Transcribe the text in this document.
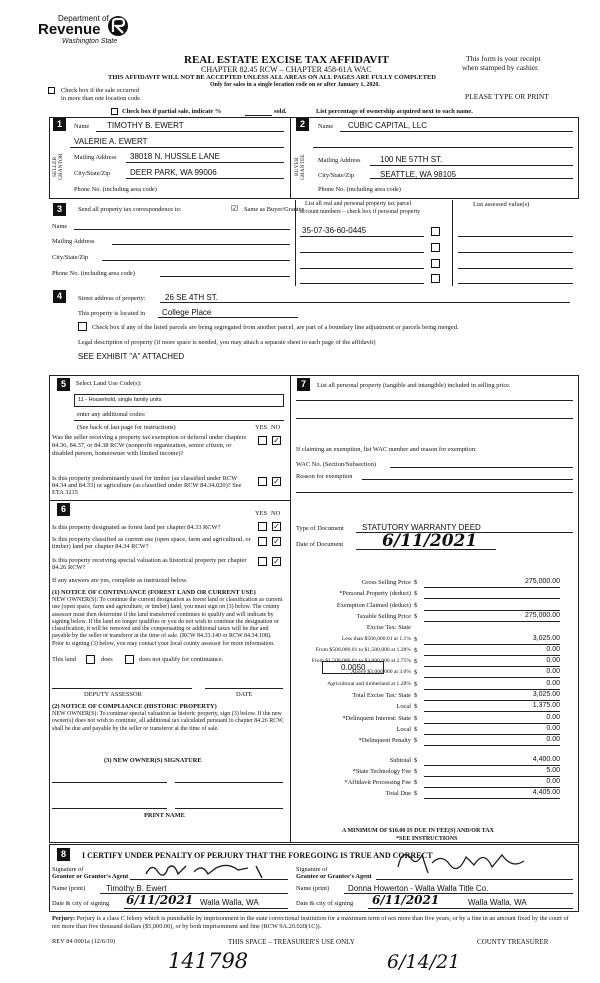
Department of
Revenue
Washington State
REAL ESTATE EXCISE TAX AFFIDAVIT
CHAPTER 82.45 RCW – CHAPTER 458-61A WAC
THIS AFFIDAVIT WILL NOT BE ACCEPTED UNLESS ALL AREAS ON ALL PAGES ARE FULLY COMPLETED
Only for sales in a single location code on or after January 1, 2020.
This form is your receipt
when stamped by cashier.
Check box if the sale occurred
in more than one location code.	PLEASE TYPE OR PRINT
Check box if partial sale, indicate %	sold.	List percentage of ownership acquired next to each name.
1
SELLER GRANTOR
Name TIMOTHY B. EWERT
VALERIE A. EWERT
Mailing Address 38018 N. HUSSLE LANE
City/State/Zip DEER PARK, WA 99006
Phone No. (including area code)
2
BUYER GRANTEE
Name CUBIC CAPITAL, LLC
Mailing Address 100 NE 57TH ST.
City/State/Zip	SEATTLE, WA 98105
Phone No. (including area code)
3	Send all property tax correspondence to:	☑ Same as Buyer/Grantee
List all real and personal property tax parcel
account numbers – check box if personal property
List assessed value(s)
Name
Mailing Address
City/State/Zip
Phone No. (including area code)
35-07-36-60-0445
4	Street address of property: 26 SE 4TH ST.
This property is located in College Place
Check box if any of the listed parcels are being segregated from another parcel, are part of a boundary line adjustment or parcels being merged.
Legal description of property (if more space is needed, you may attach a separate sheet to each page of the affidavit)
SEE EXHIBIT "A" ATTACHED
5	Select Land Use Code(s):
11 - Household, single family units
enter any additional codes:
(See back of last page for instructions)	YES NO
Was the seller receiving a property tax exemption or deferral under chapters 84.36, 84.37, or 84.38 RCW (nonprofit organization, senior citizen, or disabled person, homeowner with limited income)?
✓
Is this property predominantly used for timber (as classified under RCW 84.34 and 84.33) or agriculture (as classified under RCW 84.34.020)? See ETA 3215
✓
6	YES NO
Is this property designated as forest land per chapter 84.33 RCW?	✓
Is this property classified as current use (open space, farm and agricultural, or timber) land per chapter 84.34 RCW?
✓
Is this property receiving special valuation as historical property per chapter 84.26 RCW?
✓
If any answers are yes, complete as instructed below.
(1) NOTICE OF CONTINUANCE (FOREST LAND OR CURRENT USE)
NEW OWNER(S): To continue the current designation as forest land or classification as current use (open space, farm and agriculture, or timber) land, you must sign on (3) below. The county assessor must then determine if the land transferred continues to qualify and will indicate by signing below. If the land no longer qualifies or you do not wish to continue the designation or classification, it will be removed and the compensating or additional taxes will be due and payable by the seller or transferor at the time of sale. (RCW 84.33.140 or RCW 84.34.108). Prior to signing (3) below, you may contact your local county assessor for more information.
This land	does	does not qualify for continuance.
DEPUTY ASSESSOR	DATE
(2) NOTICE OF COMPLIANCE (HISTORIC PROPERTY)
NEW OWNER(S): To continue special valuation as historic property, sign (3) below. If the new owner(s) does not wish to continue, all additional tax calculated pursuant to chapter 84.26 RCW, shall be due and payable by the seller or transferor at the time of sale.
(3) NEW OWNER(S) SIGNATURE
PRINT NAME
7	List all personal property (tangible and intangible) included in selling price.
If claiming an exemption, list WAC number and reason for exemption:
WAC No. (Section/Subsection)
Reason for exemption
Type of Document STATUTORY WARRANTY DEED
Date of Document 6/11/2021
Gross Selling Price $	275,000.00
*Personal Property (deduct) $
Exemption Claimed (deduct) $
Taxable Selling Price $	275,000.00
Excise Tax: State
Less than $500,000.01 at 1.1% $	3,025.00
From $500,000.01 to $1,500,000 at 1.28% $	0.00
From $1,500,000.01 to $3,000,000 at 2.75% $	0.00
Above $3,000,000 at 3.0% $	0.00
Agricultural and timberland at 1.28% $	0.00
Total Excise Tax: State $	3,025.00
Local $	1,375.00
*Delinquent Interest: State $	0.00
Local $	0.00
*Delinquent Penalty $	0.00
Subtotal $	4,400.00
*State Technology Fee $	5.00
*Affidavit Processing Fee $	0.00
Total Due $	4,405.00
0.0050
A MINIMUM OF $10.00 IS DUE IN FEE(S) AND/OR TAX
*SEE INSTRUCTIONS
8	I CERTIFY UNDER PENALTY OF PERJURY THAT THE FOREGOING IS TRUE AND CORRECT
Signature of
Grantor or Grantor's Agent
Name (print)	Timothy B. Ewert
Date & city of signing 6/11/2021 Walla Walla, WA
Signature of
Grantee or Grantee's Agent
Name (print) Donna Howerton - Walla Walla Title Co.
Date & city of signing 6/11/2021	Walla Walla, WA
Perjury: Perjury is a class C felony which is punishable by imprisonment in the state correctional institution for a maximum term of not more than five years, or by a fine in an amount fixed by the court of not more than five thousand dollars ($5,000.00), or by both imprisonment and fine (RCW 9A.20.020(1C)).
REV 84 0001a (12/6/19)	THIS SPACE – TREASURER'S USE ONLY	COUNTY TREASURER
141798	6/14/21
